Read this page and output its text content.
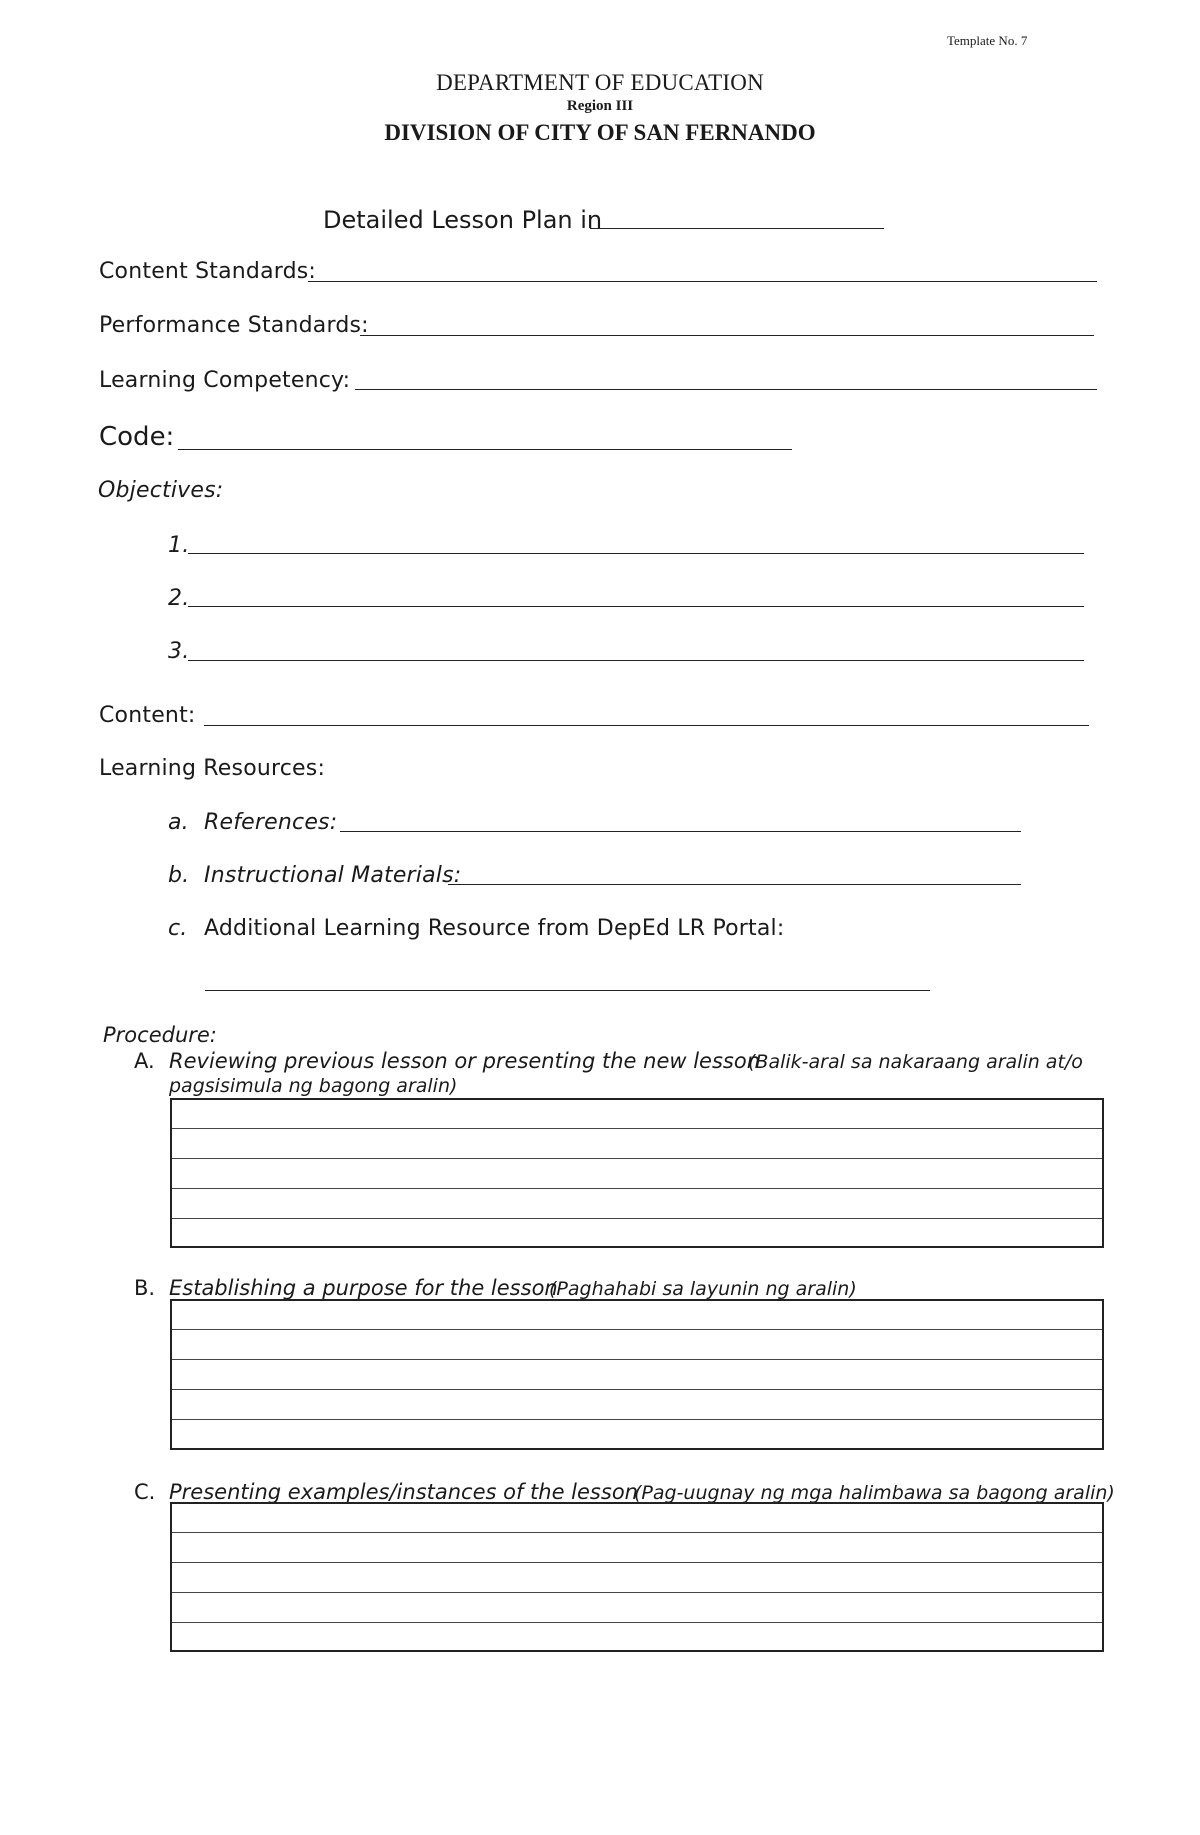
Template No. 7
DEPARTMENT OF EDUCATION
Region III
DIVISION OF CITY OF SAN FERNANDO
Detailed Lesson Plan in
Content Standards:
Performance Standards:
Learning Competency:
Code:
Objectives:
1.
2.
3.
Content:
Learning Resources:
a. References:
b. Instructional Materials:
c. Additional Learning Resource from DepEd LR Portal:
Procedure:
A. Reviewing previous lesson or presenting the new lesson
(Balik-aral sa nakaraang aralin at/o
pagsisimula ng bagong aralin)
B. Establishing a purpose for the lesson
(Paghahabi sa layunin ng aralin)
C. Presenting examples/instances of the lesson
(Pag-uugnay ng mga halimbawa sa bagong aralin)
